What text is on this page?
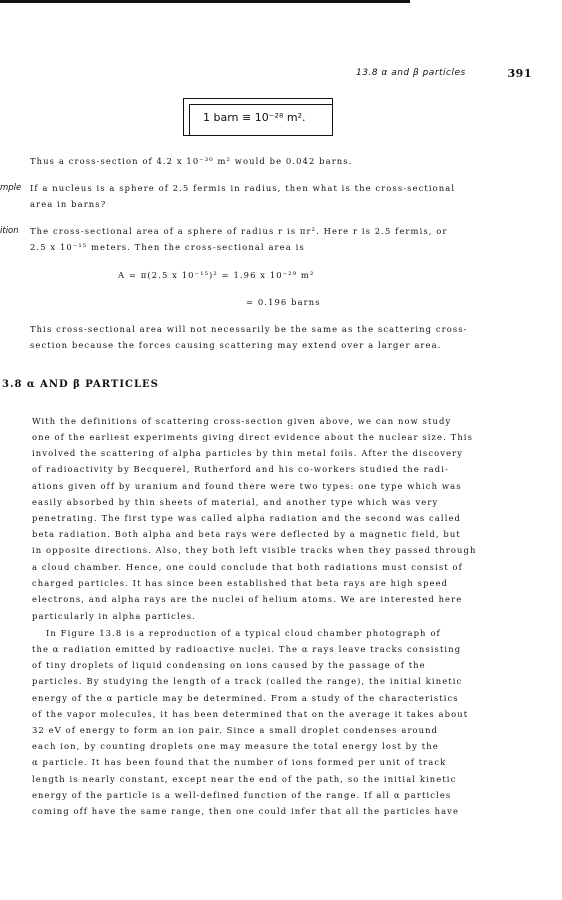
13.8 α and β particles	391
1 barn ≡ 10⁻²⁸ m².
mple
ition
Thus a cross-section of 4.2 x 10⁻³⁰ m² would be 0.042 barns.
If a nucleus is a sphere of 2.5 fermis in radius, then what is the cross-sectional
area in barns?
The cross-sectional area of a sphere of radius r is πr². Here r is 2.5 fermis, or
2.5 x 10⁻¹⁵ meters. Then the cross-sectional area is
A = π(2.5 x 10⁻¹⁵)² = 1.96 x 10⁻²⁹ m²
= 0.196 barns
This cross-sectional area will not necessarily be the same as the scattering cross-
section because the forces causing scattering may extend over a larger area.
3.8 α AND β PARTICLES
With the definitions of scattering cross-section given above, we can now study
one of the earliest experiments giving direct evidence about the nuclear size. This
involved the scattering of alpha particles by thin metal foils. After the discovery
of radioactivity by Becquerel, Rutherford and his co-workers studied the radi-
ations given off by uranium and found there were two types: one type which was
easily absorbed by thin sheets of material, and another type which was very
penetrating. The first type was called alpha radiation and the second was called
beta radiation. Both alpha and beta rays were deflected by a magnetic field, but
in opposite directions. Also, they both left visible tracks when they passed through
a cloud chamber. Hence, one could conclude that both radiations must consist of
charged particles. It has since been established that beta rays are high speed
electrons, and alpha rays are the nuclei of helium atoms. We are interested here
particularly in alpha particles.
In Figure 13.8 is a reproduction of a typical cloud chamber photograph of
the α radiation emitted by radioactive nuclei. The α rays leave tracks consisting
of tiny droplets of liquid condensing on ions caused by the passage of the
particles. By studying the length of a track (called the range), the initial kinetic
energy of the α particle may be determined. From a study of the characteristics
of the vapor molecules, it has been determined that on the average it takes about
32 eV of energy to form an ion pair. Since a small droplet condenses around
each ion, by counting droplets one may measure the total energy lost by the
α particle. It has been found that the number of ions formed per unit of track
length is nearly constant, except near the end of the path, so the initial kinetic
energy of the particle is a well-defined function of the range. If all α particles
coming off have the same range, then one could infer that all the particles have
